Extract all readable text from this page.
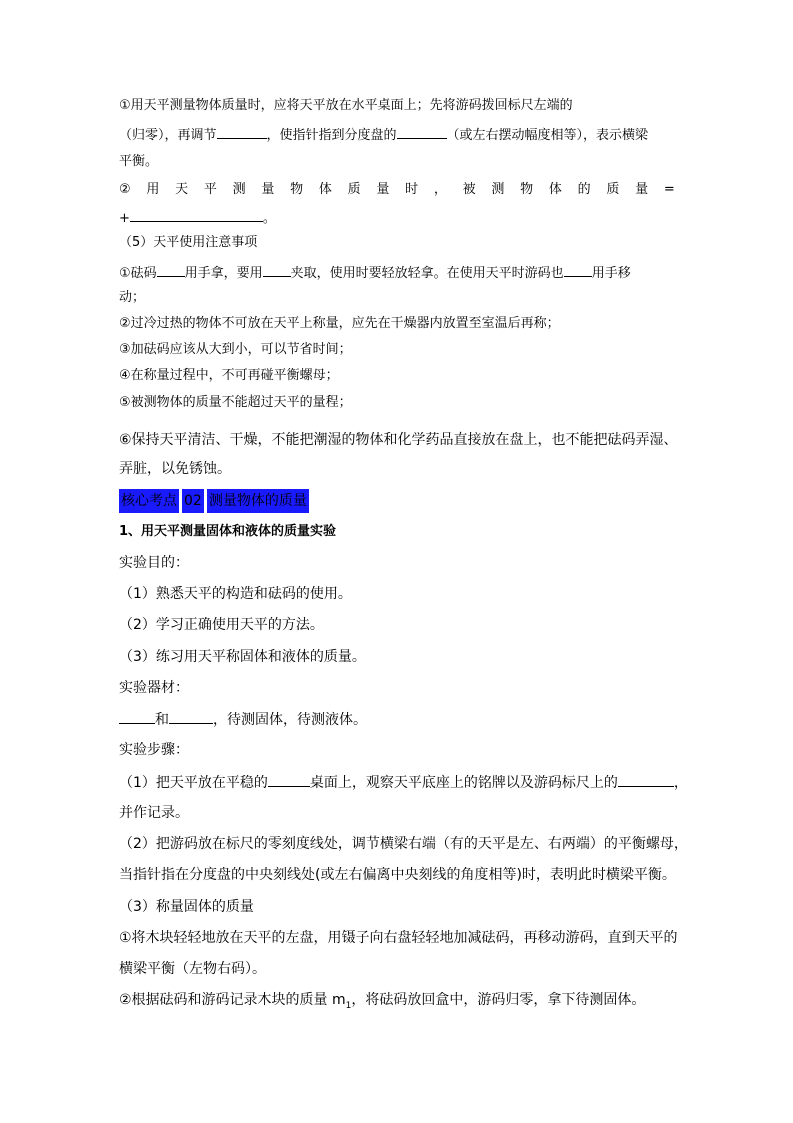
①用天平测量物体质量时，应将天平放在水平桌面上；先将游码拨回标尺左端的
（归零），再调节	，使指针指到分度盘的	（或左右摆动幅度相等），表示横梁
平衡。
② 用 天 平 测 量 物 体 质 量 时 ， 被 测 物 体 的 质 量 =
+	。
（5）天平使用注意事项
①砝码 用手拿，要用 夹取，使用时要轻放轻拿。在使用天平时游码也 用手移
动；
②过冷过热的物体不可放在天平上称量，应先在干燥器内放置至室温后再称；
③加砝码应该从大到小，可以节省时间；
④在称量过程中，不可再碰平衡螺母；
⑤被测物体的质量不能超过天平的量程；
⑥保持天平清洁、干燥，不能把潮湿的物体和化学药品直接放在盘上，也不能把砝码弄湿、
弄脏，以免锈蚀。
核心考点 02 测量物体的质量
1、用天平测量固体和液体的质量实验
实验目的：
（1）熟悉天平的构造和砝码的使用。
（2）学习正确使用天平的方法。
（3）练习用天平称固体和液体的质量。
实验器材：
和	，待测固体，待测液体。
实验步骤：
（1）把天平放在平稳的	桌面上，观察天平底座上的铭牌以及游码标尺上的	，
并作记录。
（2）把游码放在标尺的零刻度线处，调节横梁右端（有的天平是左、右两端）的平衡螺母，
当指针指在分度盘的中央刻线处(或左右偏离中央刻线的角度相等)时，表明此时横梁平衡。
（3）称量固体的质量
①将木块轻轻地放在天平的左盘，用镊子向右盘轻轻地加减砝码，再移动游码，直到天平的
横梁平衡（左物右码）。
②根据砝码和游码记录木块的质量 $m_1$，将砝码放回盒中，游码归零，拿下待测固体。
